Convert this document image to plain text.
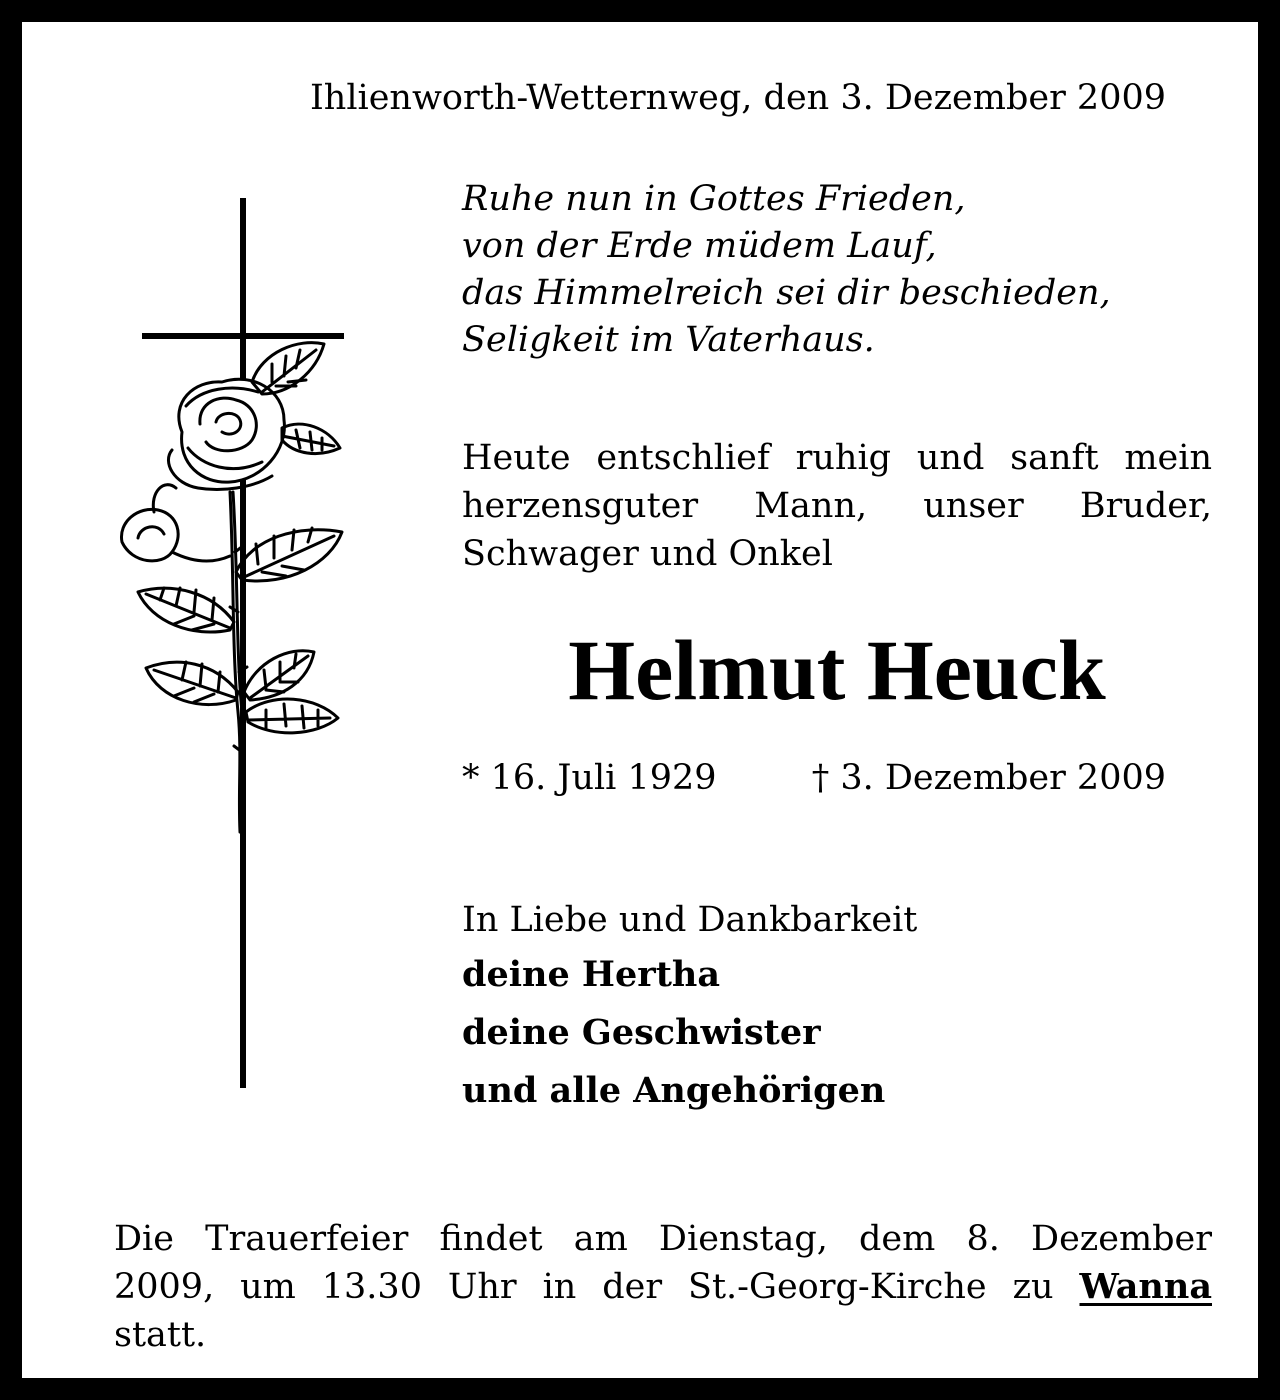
Ihlienworth-Wetternweg, den 3. Dezember 2009
Ruhe nun in Gottes Frieden,
von der Erde müdem Lauf,
das Himmelreich sei dir beschieden,
Seligkeit im Vaterhaus.
Heute entschlief ruhig und sanft mein
herzensguter Mann, unser Bruder,
Schwager und Onkel
Helmut Heuck
* 16. Juli 1929	† 3. Dezember 2009
In Liebe und Dankbarkeit
deine Hertha
deine Geschwister
und alle Angehörigen
Die Trauerfeier findet am Dienstag, dem 8. Dezember
2009, um 13.30 Uhr in der St.-Georg-Kirche zu Wanna
statt.
